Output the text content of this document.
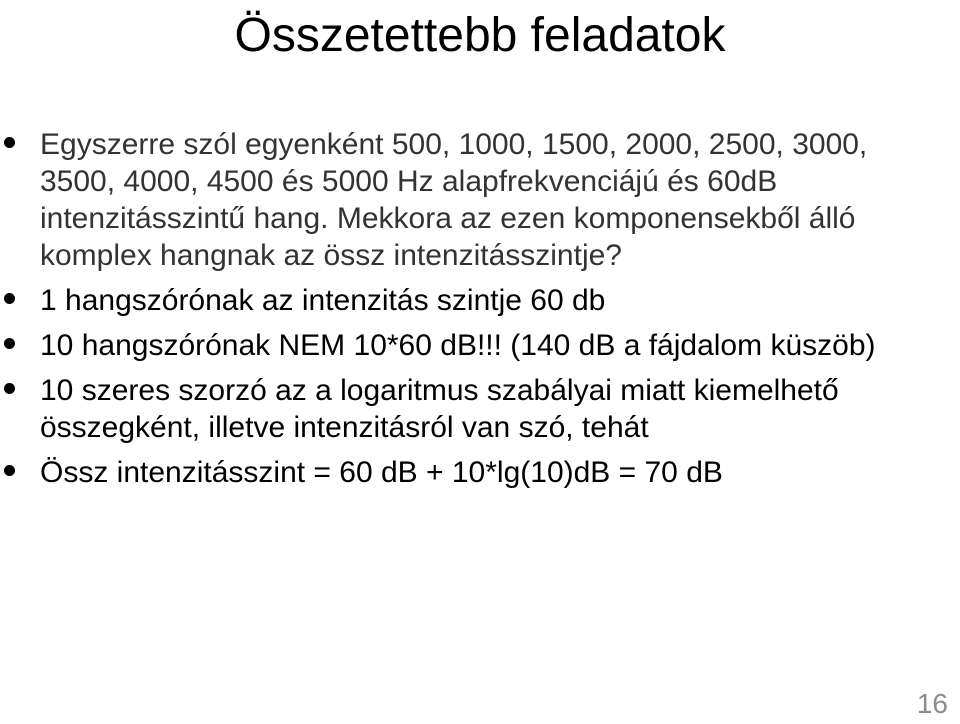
Összetettebb feladatok
Egyszerre szól egyenként 500, 1000, 1500, 2000, 2500, 3000, 3500, 4000, 4500 és 5000 Hz alapfrekvenciájú és 60dB intenzitásszintű hang. Mekkora az ezen komponensekből álló komplex hangnak az össz intenzitásszintje?
1 hangszórónak az intenzitás szintje 60 db
10 hangszórónak NEM 10*60 dB!!! (140 dB a fájdalom küszöb)
10 szeres szorzó az a logaritmus szabályai miatt kiemelhető összegként, illetve intenzitásról van szó, tehát
Össz intenzitásszint = 60 dB + 10*lg(10)dB = 70 dB
16
